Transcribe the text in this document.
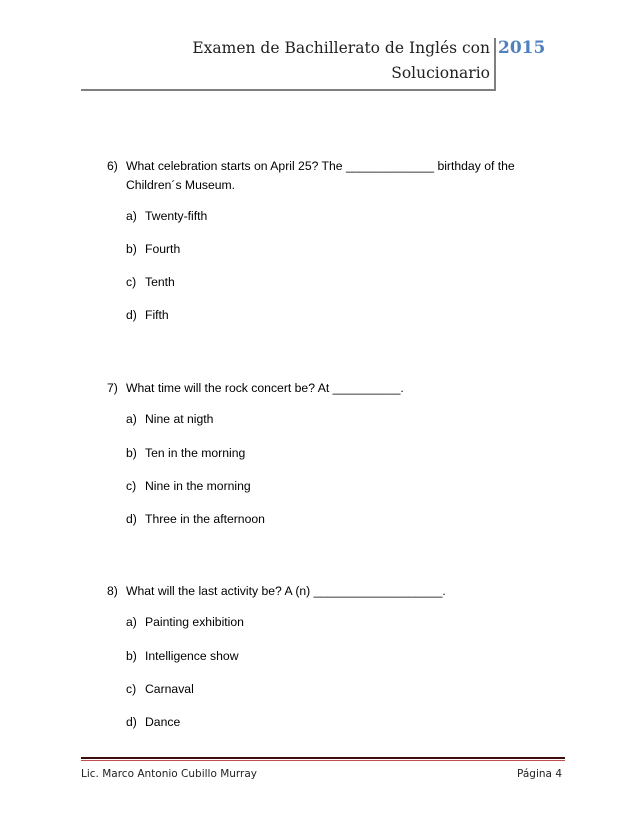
Examen de Bachillerato de Inglés con
Solucionario
2015
6) What celebration starts on April 25? The _____________ birthday of the Children´s Museum.
a) Twenty-fifth
b) Fourth
c) Tenth
d) Fifth
7) What time will the rock concert be? At __________.
a) Nine at nigth
b) Ten in the morning
c) Nine in the morning
d) Three in the afternoon
8) What will the last activity be? A (n) ___________________.
a) Painting exhibition
b) Intelligence show
c) Carnaval
d) Dance
Lic. Marco Antonio Cubillo Murray	Página 4
